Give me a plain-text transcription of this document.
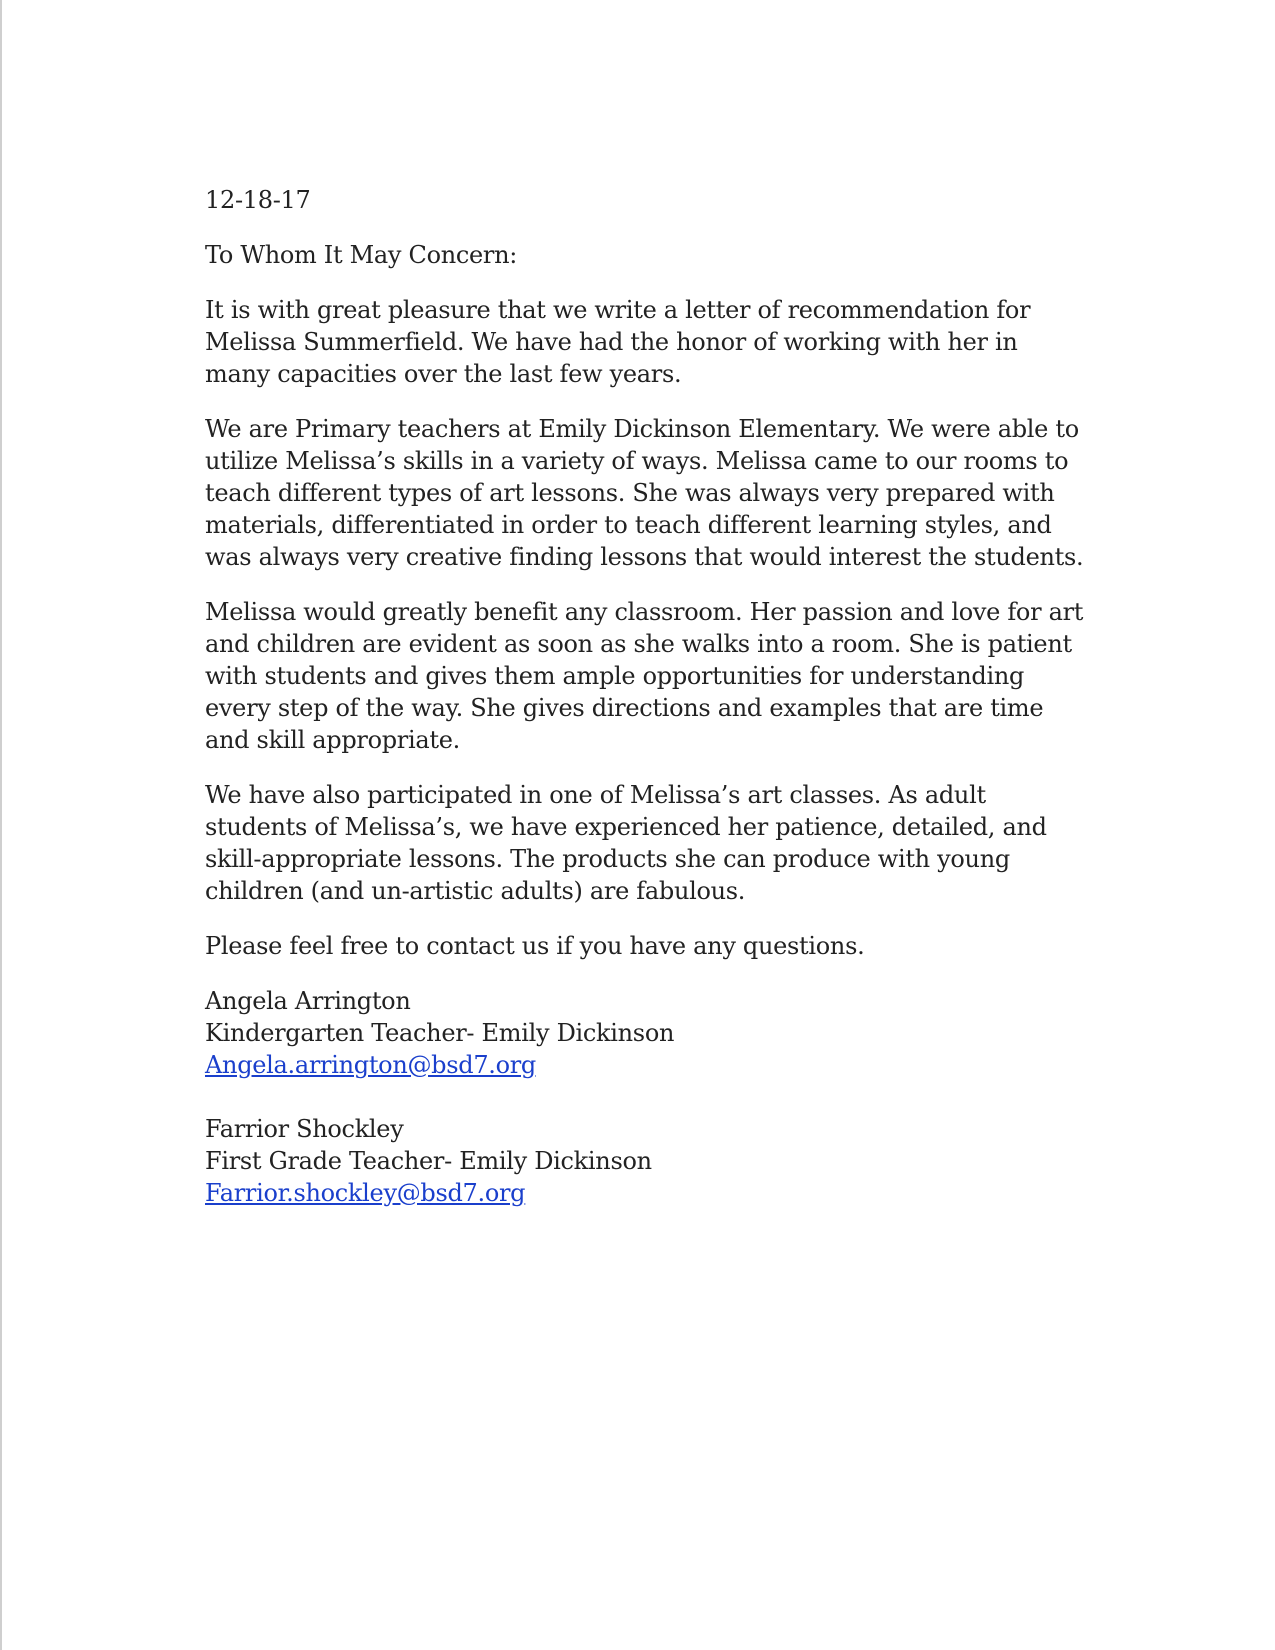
12-18-17

To Whom It May Concern:

It is with great pleasure that we write a letter of recommendation for Melissa Summerfield. We have had the honor of working with her in many capacities over the last few years.

We are Primary teachers at Emily Dickinson Elementary. We were able to utilize Melissa’s skills in a variety of ways. Melissa came to our rooms to teach different types of art lessons. She was always very prepared with materials, differentiated in order to teach different learning styles, and was always very creative finding lessons that would interest the students.

Melissa would greatly benefit any classroom. Her passion and love for art and children are evident as soon as she walks into a room. She is patient with students and gives them ample opportunities for understanding every step of the way. She gives directions and examples that are time and skill appropriate.

We have also participated in one of Melissa’s art classes. As adult students of Melissa’s, we have experienced her patience, detailed, and skill-appropriate lessons. The products she can produce with young children (and un-artistic adults) are fabulous.

Please feel free to contact us if you have any questions.

Angela Arrington
Kindergarten Teacher- Emily Dickinson
Angela.arrington@bsd7.org
Farrior Shockley
First Grade Teacher- Emily Dickinson
Farrior.shockley@bsd7.org
